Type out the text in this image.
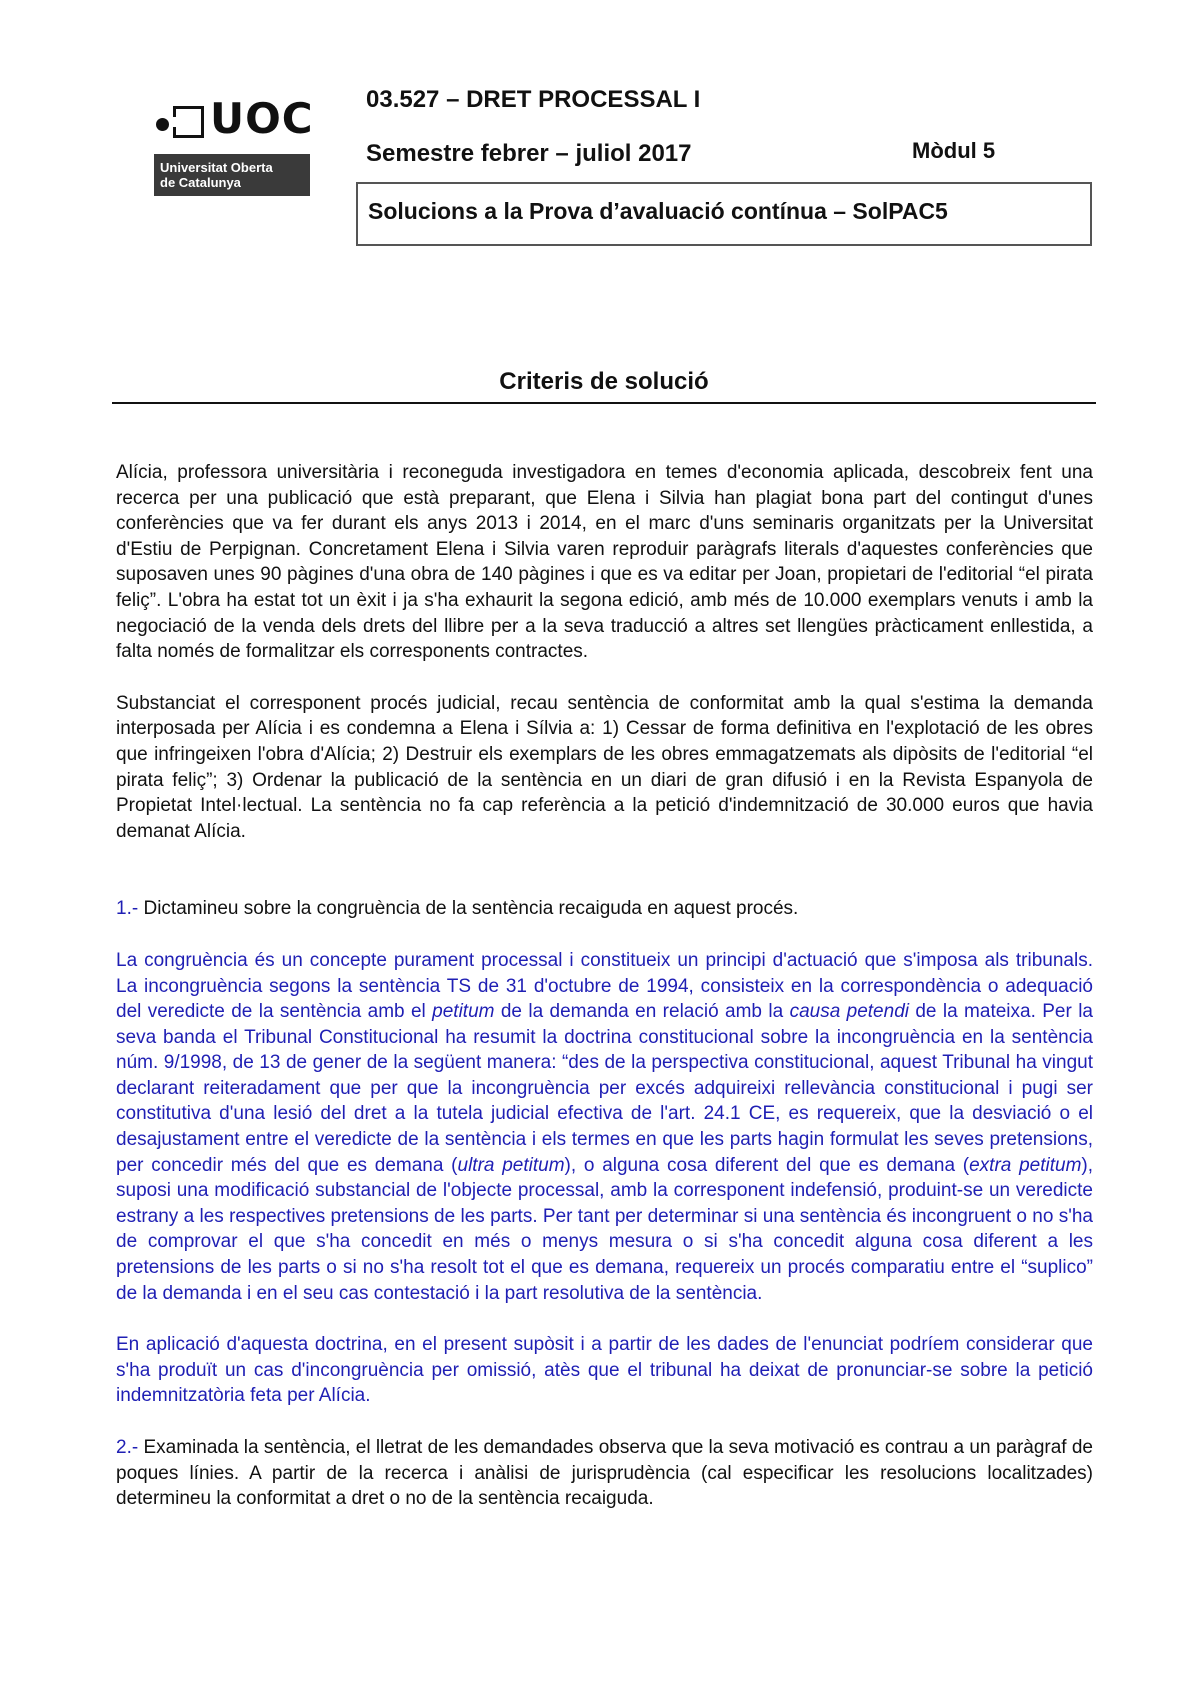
UOC
Universitat Oberta
de Catalunya
03.527 – DRET PROCESSAL I
Semestre febrer – juliol 2017	Mòdul 5
Solucions a la Prova d’avaluació contínua – SolPAC5
Criteris de solució

Alícia, professora universitària i reconeguda investigadora en temes d'economia aplicada, descobreix fent una recerca per una publicació que està preparant, que Elena i Silvia han plagiat bona part del contingut d'unes conferències que va fer durant els anys 2013 i 2014, en el marc d'uns seminaris organitzats per la Universitat d'Estiu de Perpignan. Concretament Elena i Silvia varen reproduir paràgrafs literals d'aquestes conferències que suposaven unes 90 pàgines d'una obra de 140 pàgines i que es va editar per Joan, propietari de l'editorial “el pirata feliç”. L'obra ha estat tot un èxit i ja s'ha exhaurit la segona edició, amb més de 10.000 exemplars venuts i amb la negociació de la venda dels drets del llibre per a la seva traducció a altres set llengües pràcticament enllestida, a falta només de formalitzar els corresponents contractes.

Substanciat el corresponent procés judicial, recau sentència de conformitat amb la qual s'estima la demanda interposada per Alícia i es condemna a Elena i Sílvia a: 1) Cessar de forma definitiva en l'explotació de les obres que infringeixen l'obra d'Alícia; 2) Destruir els exemplars de les obres emmagatzemats als dipòsits de l'editorial “el pirata feliç”; 3) Ordenar la publicació de la sentència en un diari de gran difusió i en la Revista Espanyola de Propietat Intel·lectual. La sentència no fa cap referència a la petició d'indemnització de 30.000 euros que havia demanat Alícia.

1.- Dictamineu sobre la congruència de la sentència recaiguda en aquest procés.

La congruència és un concepte purament processal i constitueix un principi d'actuació que s'imposa als tribunals. La incongruència segons la sentència TS de 31 d'octubre de 1994, consisteix en la correspondència o adequació del veredicte de la sentència amb el petitum de la demanda en relació amb la causa petendi de la mateixa. Per la seva banda el Tribunal Constitucional ha resumit la doctrina constitucional sobre la incongruència en la sentència núm. 9/1998, de 13 de gener de la següent manera: “des de la perspectiva constitucional, aquest Tribunal ha vingut declarant reiteradament que per que la incongruència per excés adquireixi rellevància constitucional i pugi ser constitutiva d'una lesió del dret a la tutela judicial efectiva de l'art. 24.1 CE, es requereix, que la desviació o el desajustament entre el veredicte de la sentència i els termes en que les parts hagin formulat les seves pretensions, per concedir més del que es demana (ultra petitum), o alguna cosa diferent del que es demana (extra petitum), suposi una modificació substancial de l'objecte processal, amb la corresponent indefensió, produint-se un veredicte estrany a les respectives pretensions de les parts. Per tant per determinar si una sentència és incongruent o no s'ha de comprovar el que s'ha concedit en més o menys mesura o si s'ha concedit alguna cosa diferent a les pretensions de les parts o si no s'ha resolt tot el que es demana, requereix un procés comparatiu entre el “suplico” de la demanda i en el seu cas contestació i la part resolutiva de la sentència.

En aplicació d'aquesta doctrina, en el present supòsit i a partir de les dades de l'enunciat podríem considerar que s'ha produït un cas d'incongruència per omissió, atès que el tribunal ha deixat de pronunciar-se sobre la petició indemnitzatòria feta per Alícia.

2.- Examinada la sentència, el lletrat de les demandades observa que la seva motivació es contrau a un paràgraf de poques línies. A partir de la recerca i anàlisi de jurisprudència (cal especificar les resolucions localitzades) determineu la conformitat a dret o no de la sentència recaiguda.
